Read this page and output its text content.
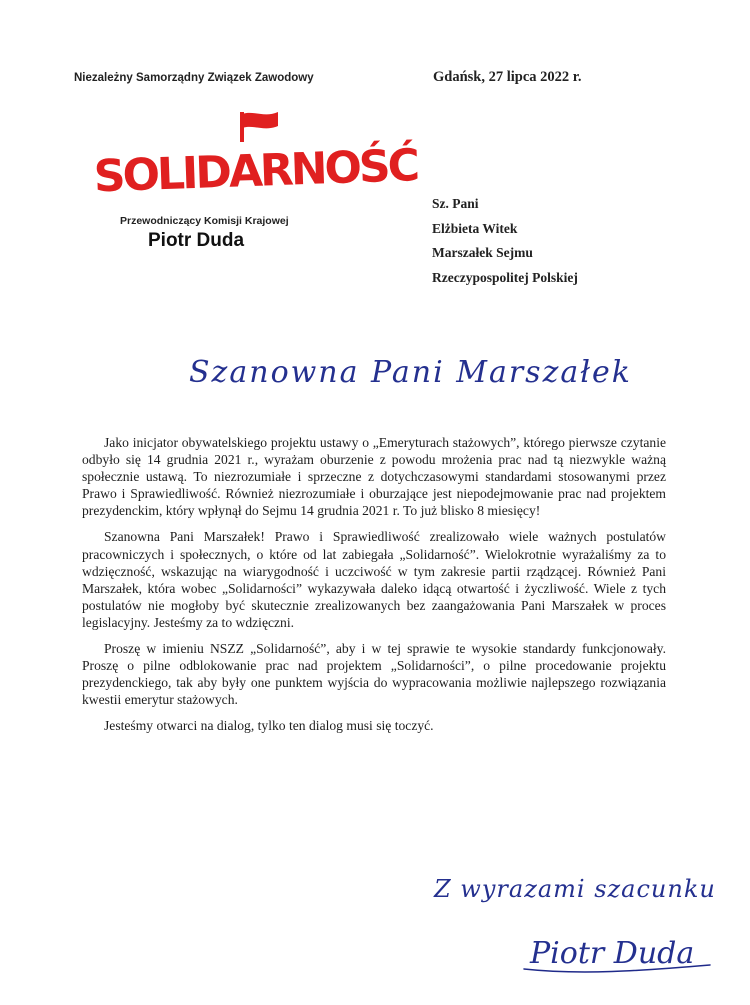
Niezależny Samorządny Związek Zawodowy	Gdańsk, 27 lipca 2022 r.
SOLIDARNOŚĆ
Przewodniczący Komisji Krajowej
Piotr Duda
Sz. Pani
Elżbieta Witek
Marszałek Sejmu
Rzeczypospolitej Polskiej
Szanowna Pani Marszałek

Jako inicjator obywatelskiego projektu ustawy o „Emeryturach stażowych”, którego pierwsze czytanie odbyło się 14 grudnia 2021 r., wyrażam oburzenie z powodu mrożenia prac nad tą niezwykle ważną społecznie ustawą. To niezrozumiałe i sprzeczne z dotychczasowymi standardami stosowanymi przez Prawo i Sprawiedliwość. Również niezrozumiałe i oburzające jest niepodejmowanie prac nad projektem prezydenckim, który wpłynął do Sejmu 14 grudnia 2021 r. To już blisko 8 miesięcy!

Szanowna Pani Marszałek! Prawo i Sprawiedliwość zrealizowało wiele ważnych postulatów pracowniczych i społecznych, o które od lat zabiegała „Solidarność”. Wielokrotnie wyrażaliśmy za to wdzięczność, wskazując na wiarygodność i uczciwość w tym zakresie partii rządzącej. Również Pani Marszałek, która wobec „Solidarności” wykazywała daleko idącą otwartość i życzliwość. Wiele z tych postulatów nie mogłoby być skutecznie zrealizowanych bez zaangażowania Pani Marszałek w proces legislacyjny. Jesteśmy za to wdzięczni.

Proszę w imieniu NSZZ „Solidarność”, aby i w tej sprawie te wysokie standardy funkcjonowały. Proszę o pilne odblokowanie prac nad projektem „Solidarności”, o pilne procedowanie projektu prezydenckiego, tak aby były one punktem wyjścia do wypracowania możliwie najlepszego rozwiązania kwestii emerytur stażowych.

Jesteśmy otwarci na dialog, tylko ten dialog musi się toczyć.

Z wyrazami szacunku
Piotr Duda
